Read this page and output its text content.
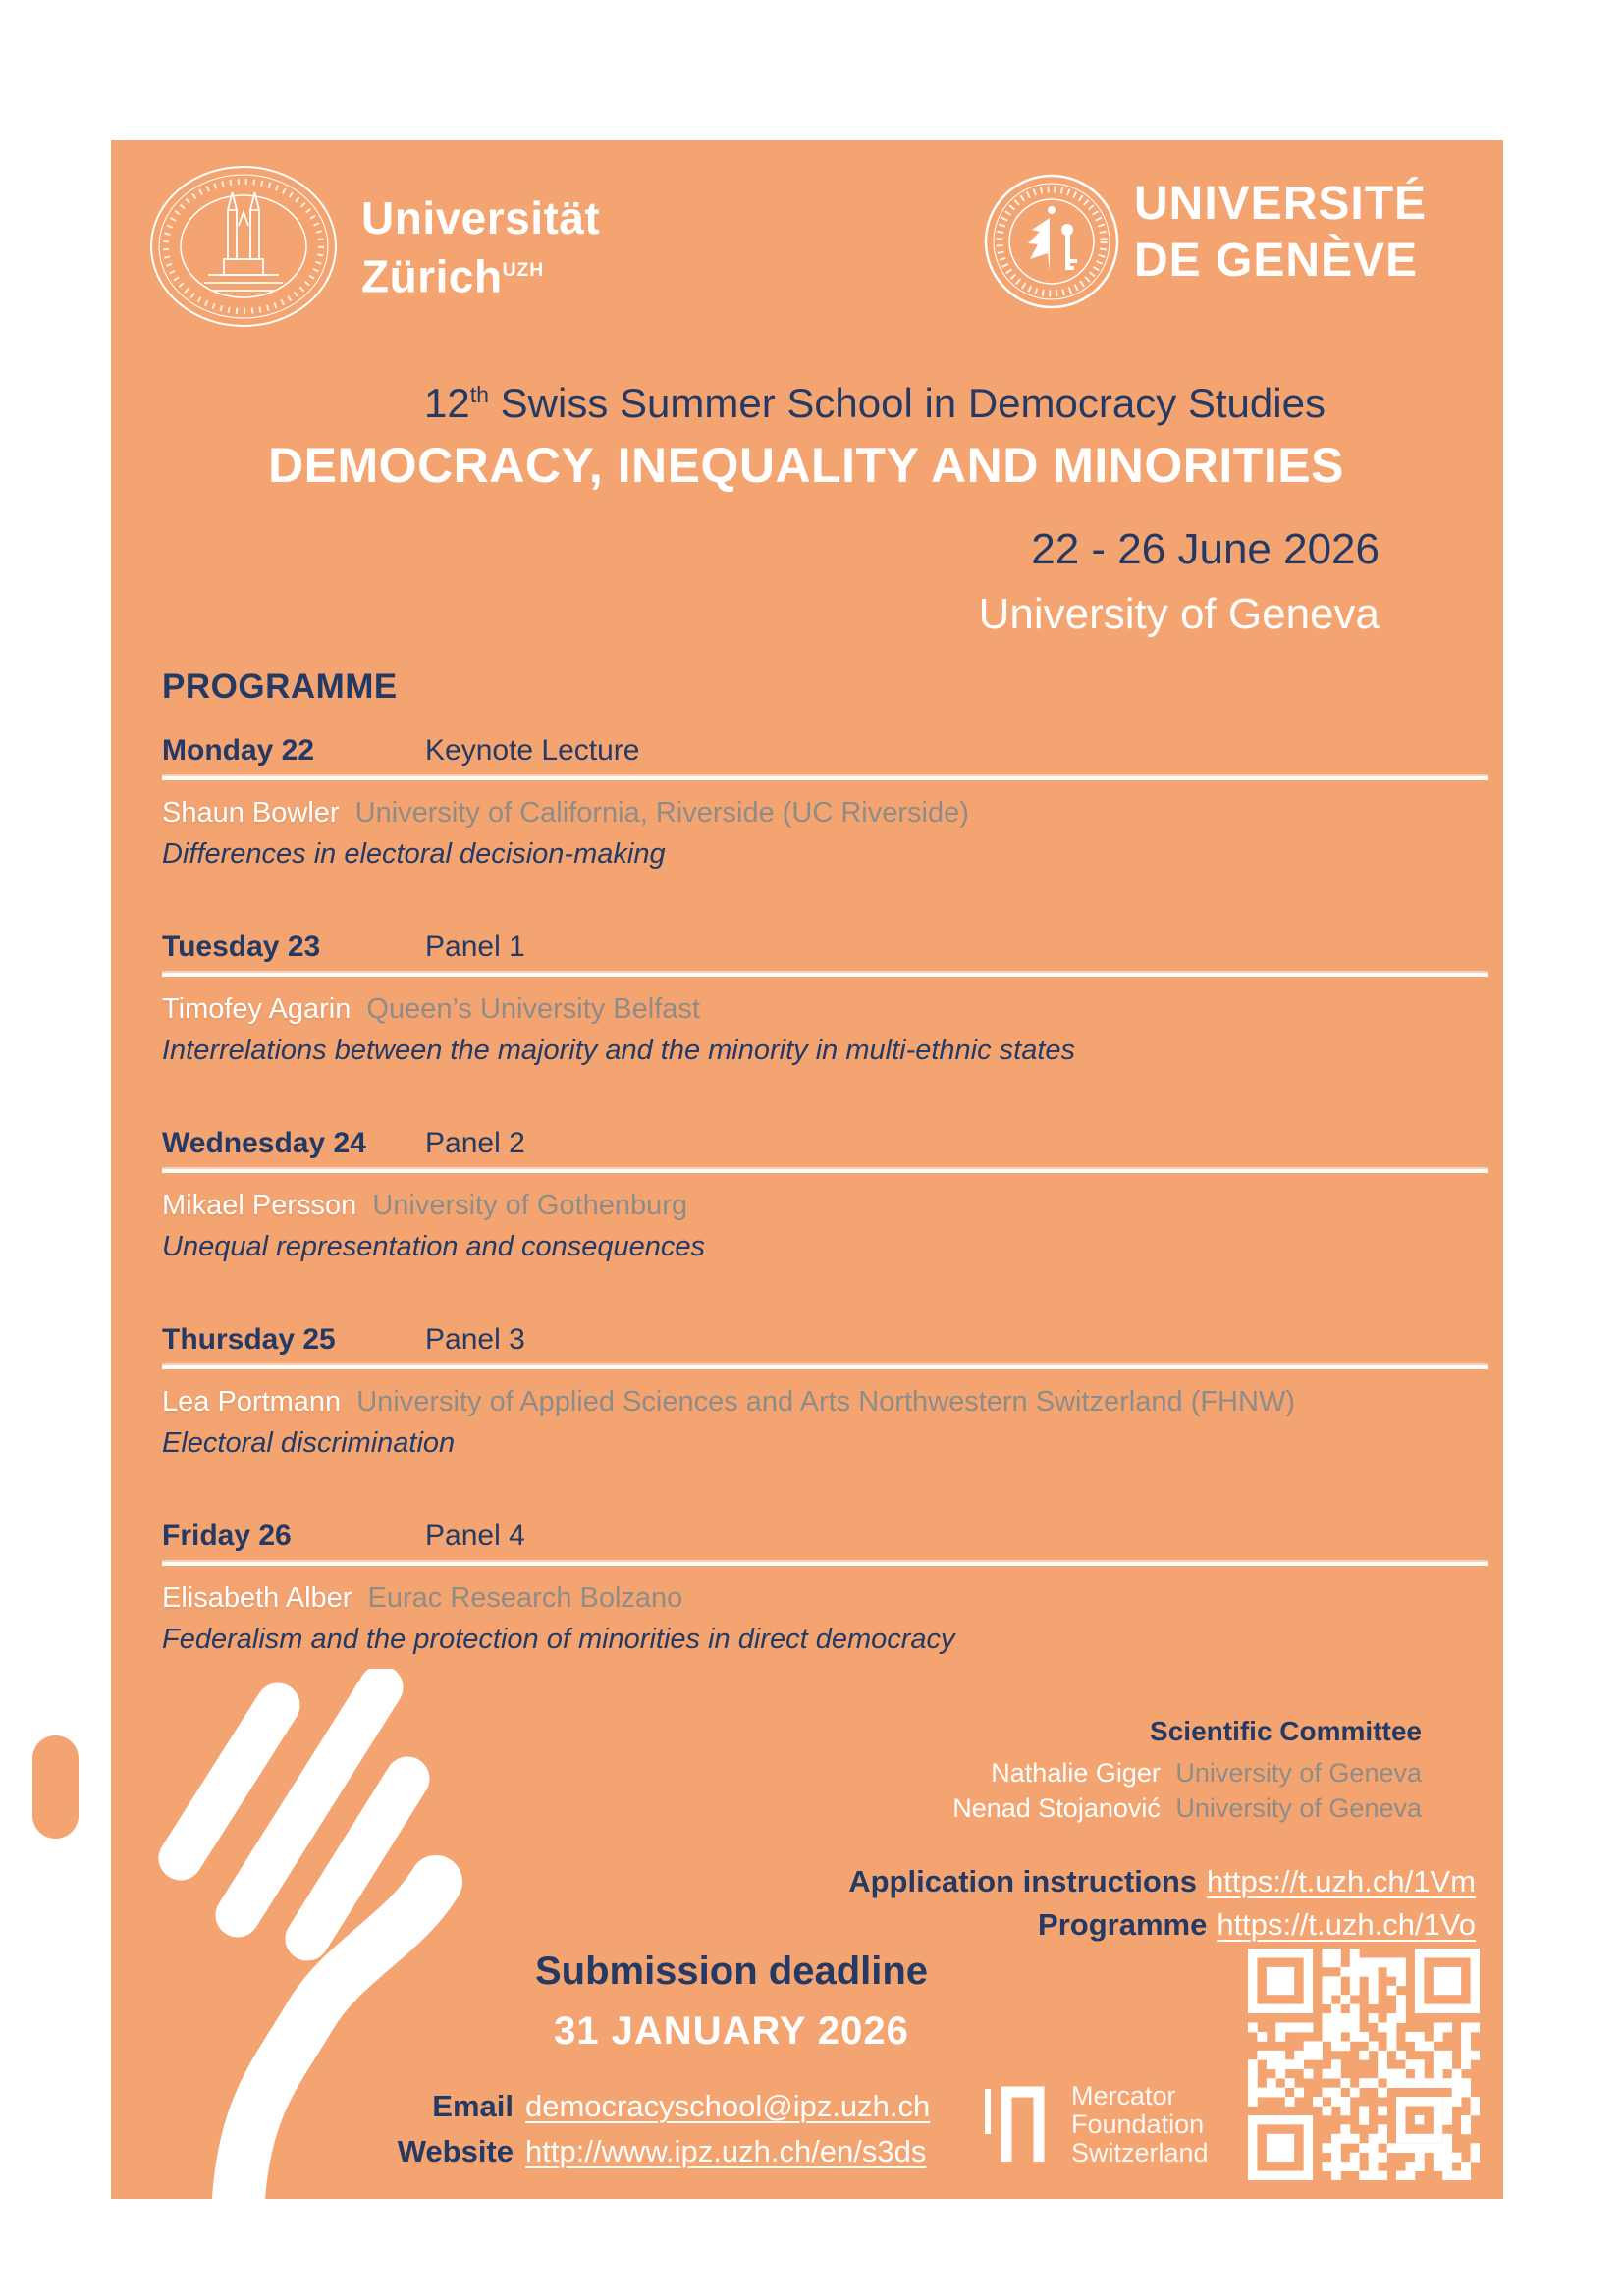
Universität
Zürich$^{UZH}$
UNIVERSITÉ
DE GENÈVE
12th Swiss Summer School in Democracy Studies
DEMOCRACY, INEQUALITY AND MINORITIES
22 - 26 June 2026
University of Geneva
PROGRAMME
Monday 22	Keynote Lecture
Shaun Bowler University of California, Riverside (UC Riverside)
Differences in electoral decision-making
Tuesday 23	Panel 1
Timofey Agarin Queen’s University Belfast
Interrelations between the majority and the minority in multi-ethnic states
Wednesday 24	Panel 2
Mikael Persson University of Gothenburg
Unequal representation and consequences
Thursday 25	Panel 3
Lea Portmann University of Applied Sciences and Arts Northwestern Switzerland (FHNW)
Electoral discrimination
Friday 26	Panel 4
Elisabeth Alber Eurac Research Bolzano
Federalism and the protection of minorities in direct democracy
Scientific Committee
Nathalie Giger University of Geneva
Nenad Stojanović University of Geneva
Application instructions https://t.uzh.ch/1Vm
Programme https://t.uzh.ch/1Vo
Submission deadline
31 JANUARY 2026
Email democracyschool@ipz.uzh.ch
Website http://www.ipz.uzh.ch/en/s3ds
Mercator
Foundation
Switzerland
